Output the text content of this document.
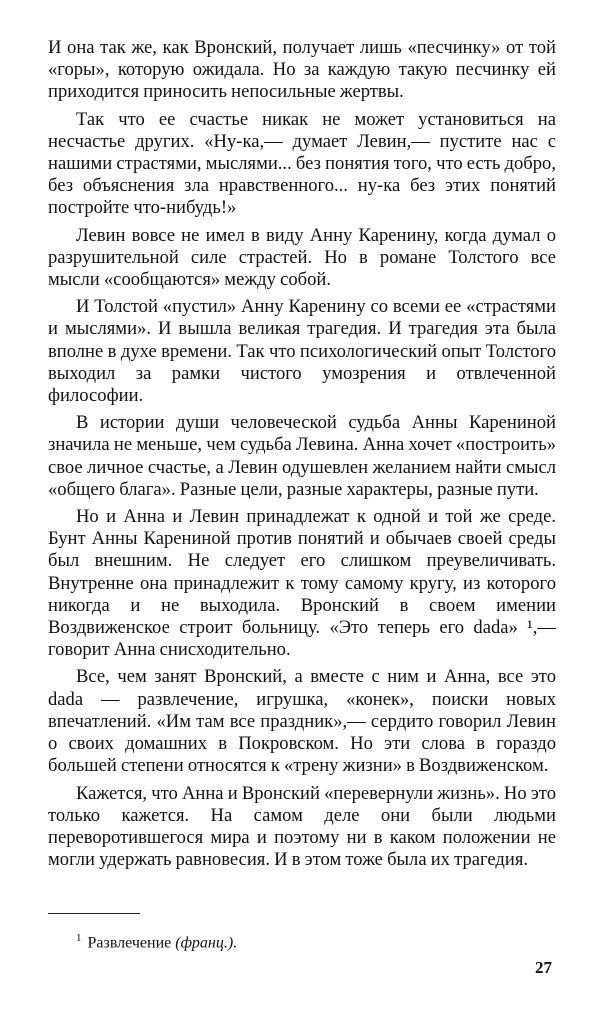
И она так же, как Вронский, получает лишь «песчинку» от той «горы», которую ожидала. Но за каждую такую песчинку ей приходится приносить непосильные жертвы.

Так что ее счастье никак не может установиться на несчастье других. «Ну-ка,— думает Левин,— пустите нас с нашими страстями, мыслями... без понятия того, что есть добро, без объяснения зла нравственного... ну-ка без этих понятий постройте что-нибудь!»

Левин вовсе не имел в виду Анну Каренину, когда думал о разрушительной силе страстей. Но в романе Толстого все мысли «сообщаются» между собой.

И Толстой «пустил» Анну Каренину со всеми ее «страстями и мыслями». И вышла великая трагедия. И трагедия эта была вполне в духе времени. Так что психологический опыт Толстого выходил за рамки чистого умозрения и отвлеченной философии.

В истории души человеческой судьба Анны Карениной значила не меньше, чем судьба Левина. Анна хочет «построить» свое личное счастье, а Левин одушевлен желанием найти смысл «общего блага». Разные цели, разные характеры, разные пути.

Но и Анна и Левин принадлежат к одной и той же среде. Бунт Анны Карениной против понятий и обычаев своей среды был внешним. Не следует его слишком преувеличивать. Внутренне она принадлежит к тому самому кругу, из которого никогда и не выходила. Вронский в своем имении Воздвиженское строит больницу. «Это теперь его dada» ¹,— говорит Анна снисходительно.

Все, чем занят Вронский, а вместе с ним и Анна, все это dada — развлечение, игрушка, «конек», поиски новых впечатлений. «Им там все праздник»,— сердито говорил Левин о своих домашних в Покровском. Но эти слова в гораздо большей степени относятся к «трену жизни» в Воздвиженском.

Кажется, что Анна и Вронский «перевернули жизнь». Но это только кажется. На самом деле они были людьми переворотившегося мира и поэтому ни в каком положении не могли удержать равновесия. И в этом тоже была их трагедия.

$^1$ Развлечение (франц.).
27
